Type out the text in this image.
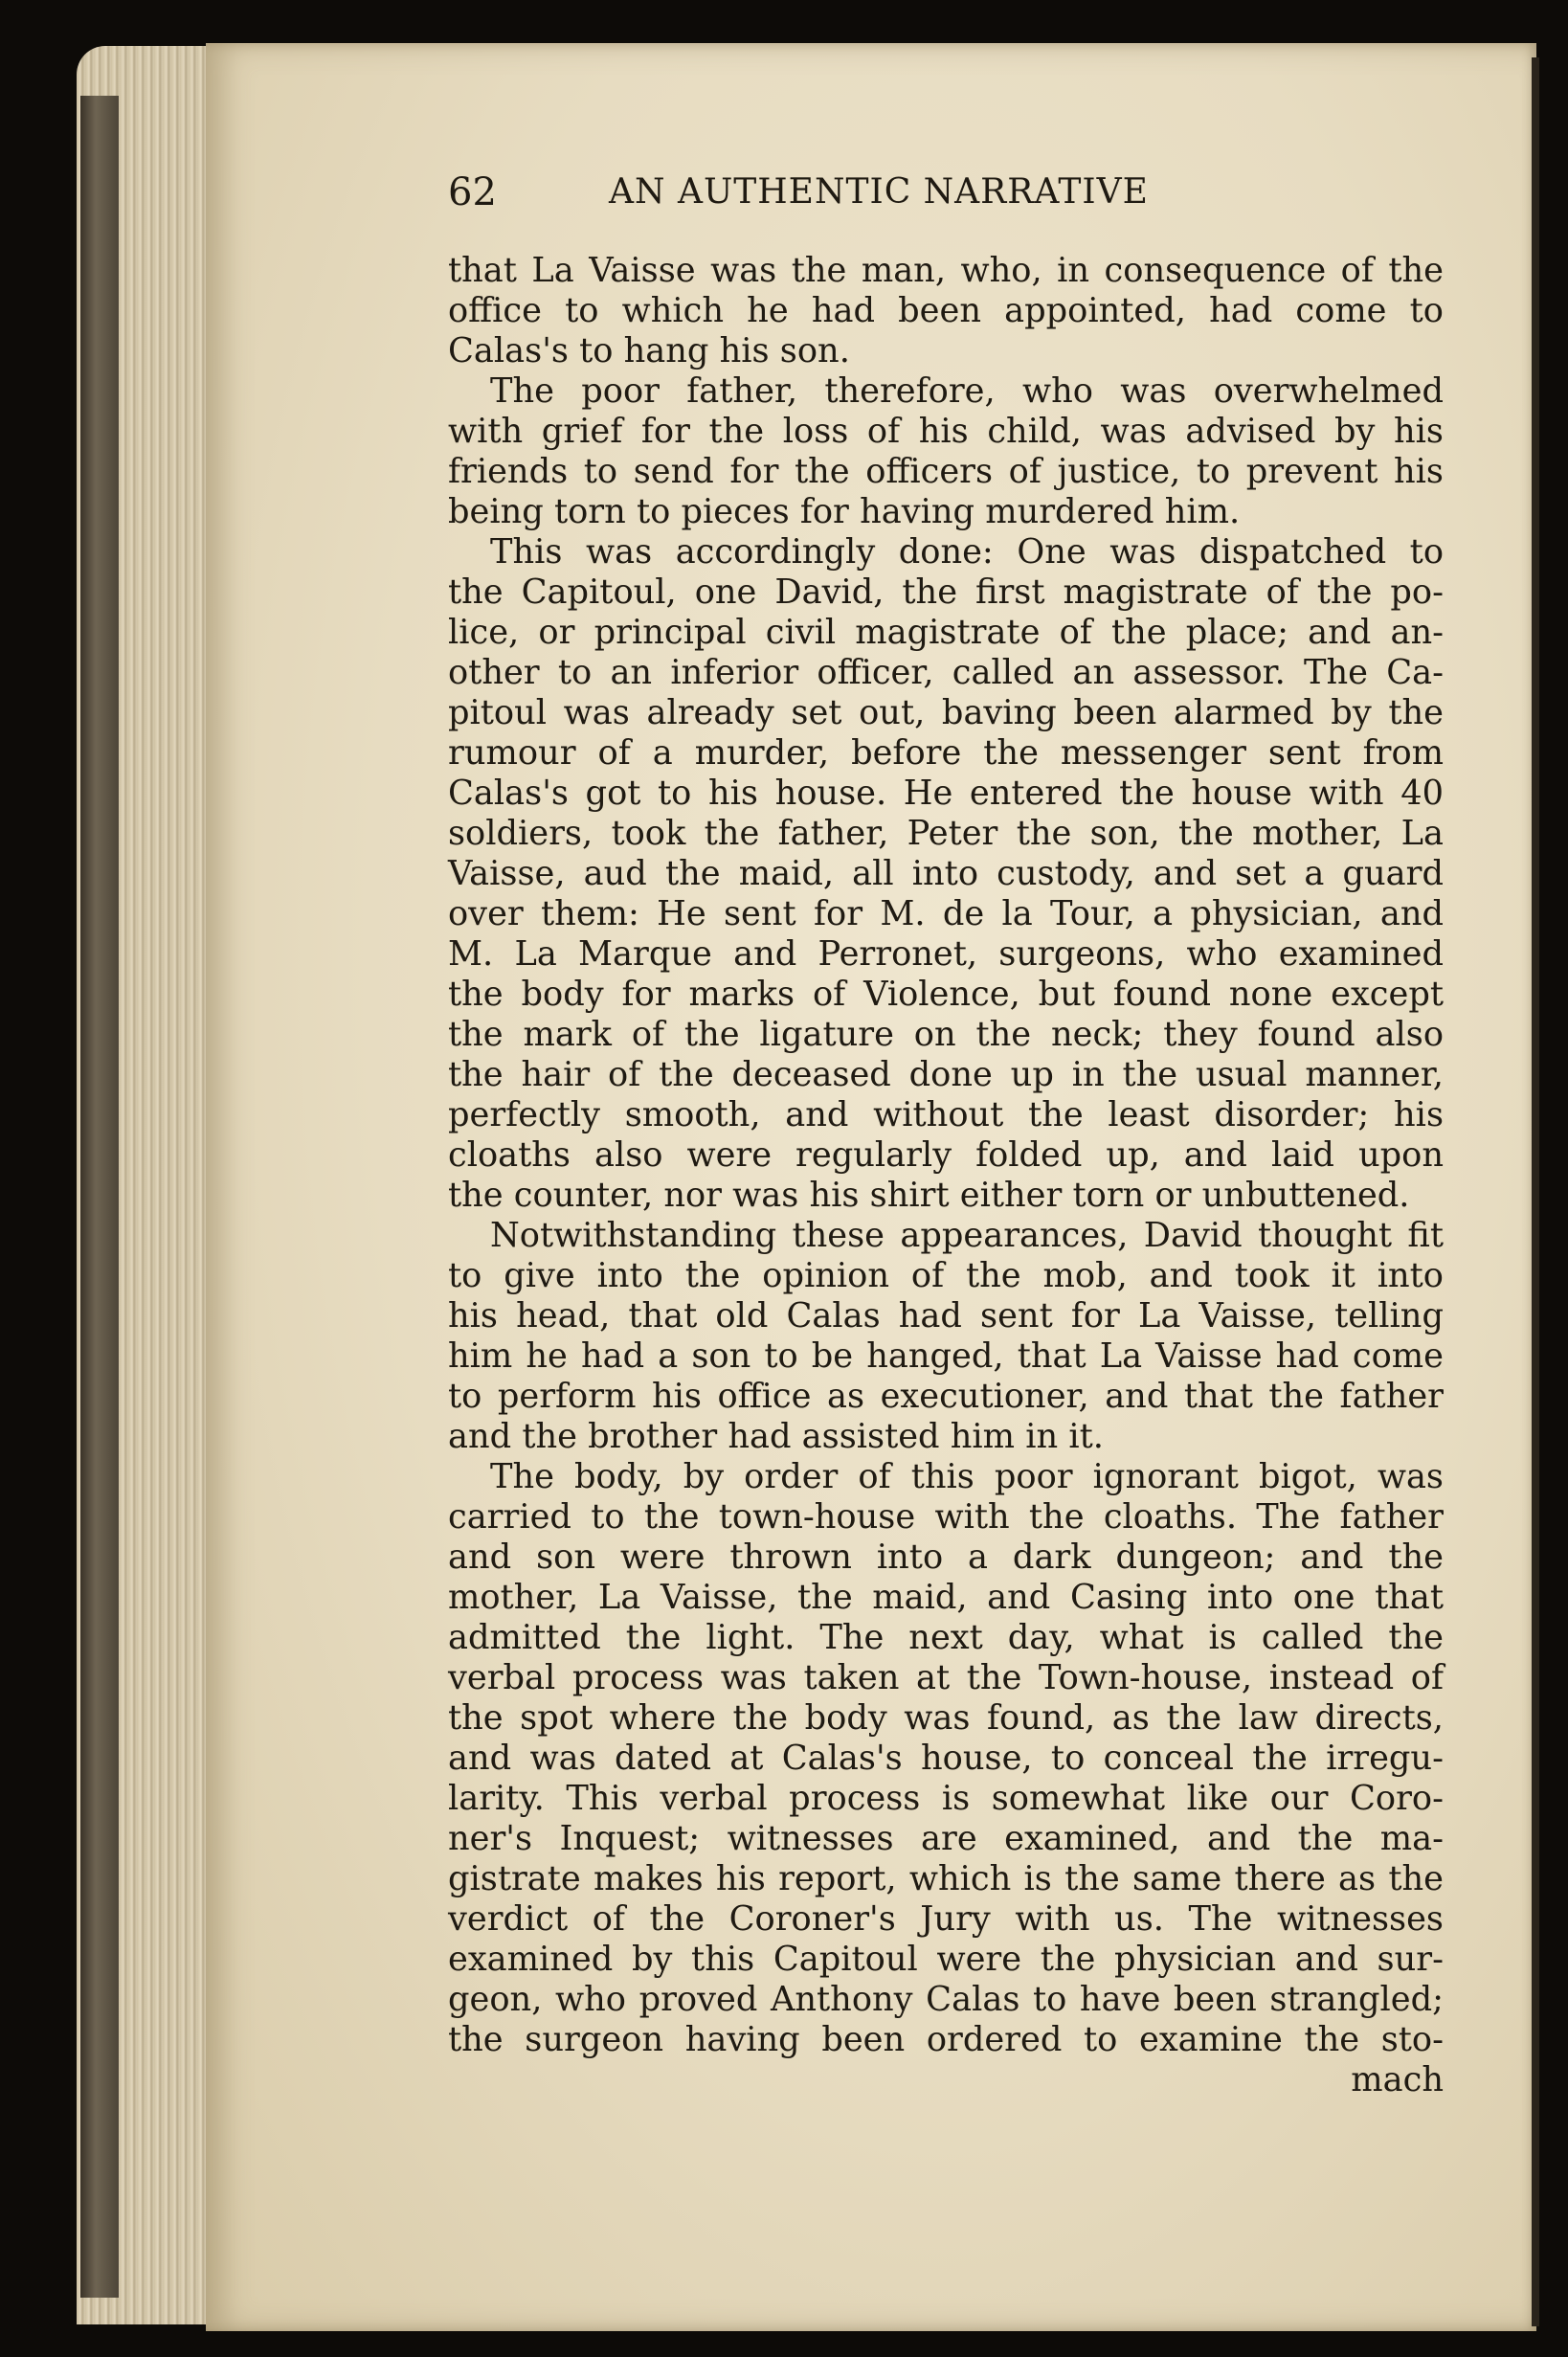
62	AN AUTHENTIC NARRATIVE
that La Vaisse was the man, who, in consequence of the
office to which he had been appointed, had come to
Calas's to hang his son.
The poor father, therefore, who was overwhelmed
with grief for the loss of his child, was advised by his
friends to send for the officers of justice, to prevent his
being torn to pieces for having murdered him.
This was accordingly done: One was dispatched to
the Capitoul, one David, the first magistrate of the po-
lice, or principal civil magistrate of the place; and an-
other to an inferior officer, called an assessor. The Ca-
pitoul was already set out, baving been alarmed by the
rumour of a murder, before the messenger sent from
Calas's got to his house. He entered the house with 40
soldiers, took the father, Peter the son, the mother, La
Vaisse, aud the maid, all into custody, and set a guard
over them: He sent for M. de la Tour, a physician, and
M. La Marque and Perronet, surgeons, who examined
the body for marks of Violence, but found none except
the mark of the ligature on the neck; they found also
the hair of the deceased done up in the usual manner,
perfectly smooth, and without the least disorder; his
cloaths also were regularly folded up, and laid upon
the counter, nor was his shirt either torn or unbuttened.
Notwithstanding these appearances, David thought fit
to give into the opinion of the mob, and took it into
his head, that old Calas had sent for La Vaisse, telling
him he had a son to be hanged, that La Vaisse had come
to perform his office as executioner, and that the father
and the brother had assisted him in it.
The body, by order of this poor ignorant bigot, was
carried to the town-house with the cloaths. The father
and son were thrown into a dark dungeon; and the
mother, La Vaisse, the maid, and Casing into one that
admitted the light. The next day, what is called the
verbal process was taken at the Town-house, instead of
the spot where the body was found, as the law directs,
and was dated at Calas's house, to conceal the irregu-
larity. This verbal process is somewhat like our Coro-
ner's Inquest; witnesses are examined, and the ma-
gistrate makes his report, which is the same there as the
verdict of the Coroner's Jury with us. The witnesses
examined by this Capitoul were the physician and sur-
geon, who proved Anthony Calas to have been strangled;
the surgeon having been ordered to examine the sto-
mach
